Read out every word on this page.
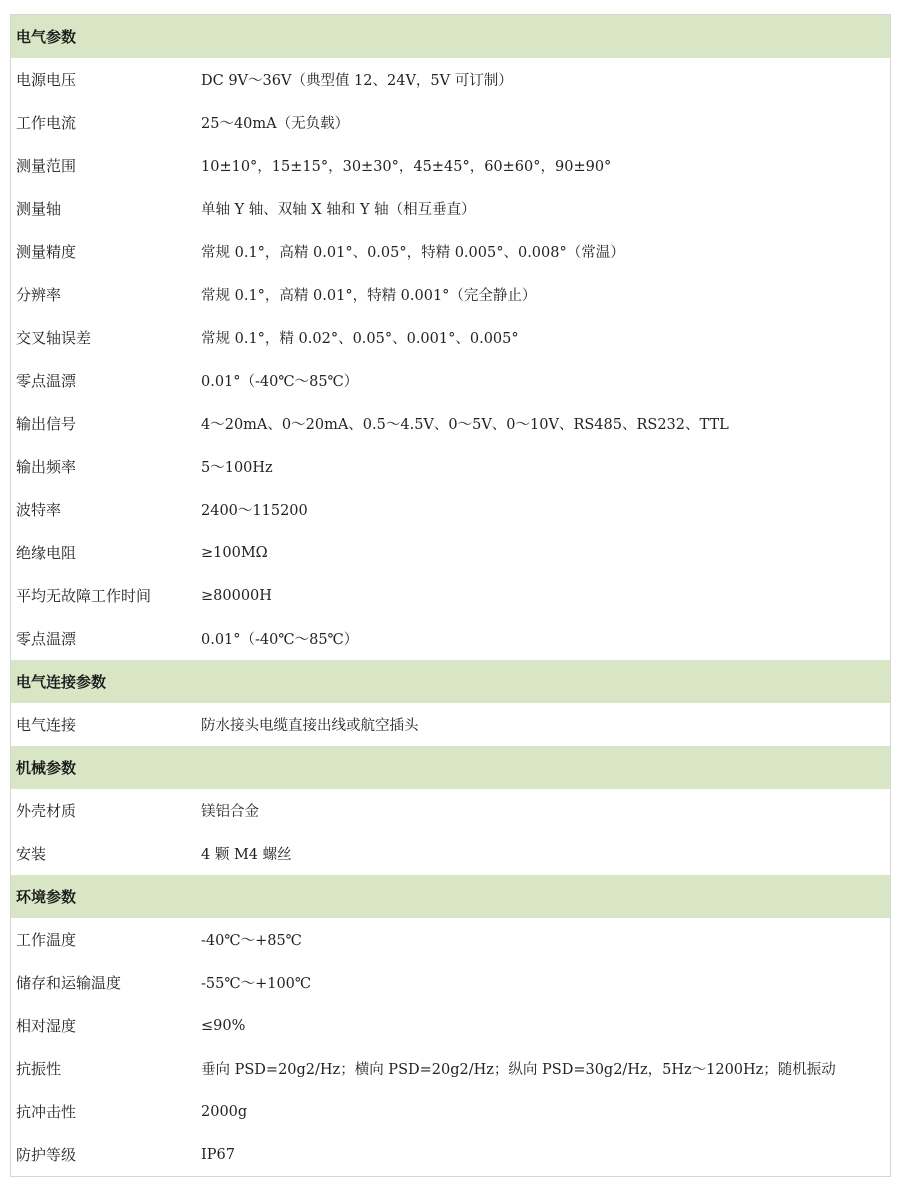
电气参数
电源电压	DC 9V～36V（典型值 12、24V，5V 可订制）
工作电流	25～40mA（无负载）
测量范围	10±10°，15±15°，30±30°，45±45°，60±60°，90±90°
测量轴	单轴 Y 轴、双轴 X 轴和 Y 轴（相互垂直）
测量精度	常规 0.1°，高精 0.01°、0.05°，特精 0.005°、0.008°（常温）
分辨率	常规 0.1°，高精 0.01°，特精 0.001°（完全静止）
交叉轴误差	常规 0.1°，精 0.02°、0.05°、0.001°、0.005°
零点温漂	0.01°（-40℃～85℃）
输出信号	4～20mA、0～20mA、0.5～4.5V、0～5V、0～10V、RS485、RS232、TTL
输出频率	5～100Hz
波特率	2400～115200
绝缘电阻	≥100MΩ
平均无故障工作时间	≥80000H
零点温漂	0.01°（-40℃～85℃）
电气连接参数
电气连接	防水接头电缆直接出线或航空插头
机械参数
外壳材质	镁铝合金
安装	4 颗 M4 螺丝
环境参数
工作温度	-40℃～+85℃
储存和运输温度	-55℃～+100℃
相对湿度	≤90%
抗振性	垂向 PSD=20g2/Hz；横向 PSD=20g2/Hz；纵向 PSD=30g2/Hz，5Hz～1200Hz；随机振动
抗冲击性	2000g
防护等级	IP67
